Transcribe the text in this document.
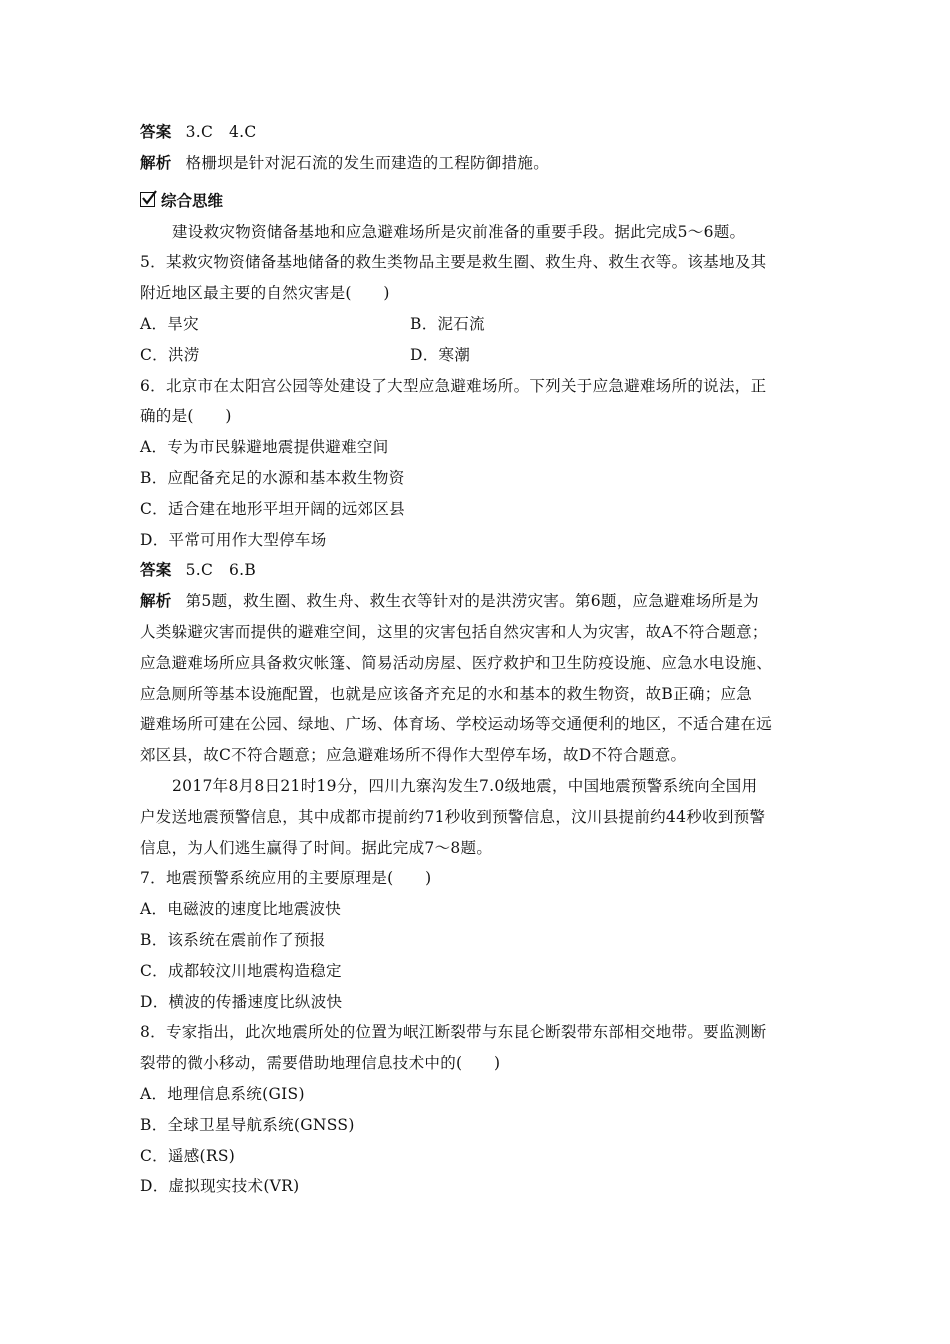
答案 3.C　4.C
解析 格栅坝是针对泥石流的发生而建造的工程防御措施。
综合思维
建设救灾物资储备基地和应急避难场所是灾前准备的重要手段。据此完成5～6题。
5．某救灾物资储备基地储备的救生类物品主要是救生圈、救生舟、救生衣等。该基地及其
附近地区最主要的自然灾害是(　　)
A．旱灾	B．泥石流
C．洪涝	D．寒潮
6．北京市在太阳宫公园等处建设了大型应急避难场所。下列关于应急避难场所的说法，正
确的是(　　)
A．专为市民躲避地震提供避难空间
B．应配备充足的水源和基本救生物资
C．适合建在地形平坦开阔的远郊区县
D．平常可用作大型停车场
答案 5.C　6.B
解析 第5题，救生圈、救生舟、救生衣等针对的是洪涝灾害。第6题，应急避难场所是为
人类躲避灾害而提供的避难空间，这里的灾害包括自然灾害和人为灾害，故A不符合题意；
应急避难场所应具备救灾帐篷、简易活动房屋、医疗救护和卫生防疫设施、应急水电设施、
应急厕所等基本设施配置，也就是应该备齐充足的水和基本的救生物资，故B正确；应急
避难场所可建在公园、绿地、广场、体育场、学校运动场等交通便利的地区，不适合建在远
郊区县，故C不符合题意；应急避难场所不得作大型停车场，故D不符合题意。
2017年8月8日21时19分，四川九寨沟发生7.0级地震，中国地震预警系统向全国用
户发送地震预警信息，其中成都市提前约71秒收到预警信息，汶川县提前约44秒收到预警
信息，为人们逃生赢得了时间。据此完成7～8题。
7．地震预警系统应用的主要原理是(　　)
A．电磁波的速度比地震波快
B．该系统在震前作了预报
C．成都较汶川地震构造稳定
D．横波的传播速度比纵波快
8．专家指出，此次地震所处的位置为岷江断裂带与东昆仑断裂带东部相交地带。要监测断
裂带的微小移动，需要借助地理信息技术中的(　　)
A．地理信息系统(GIS)
B．全球卫星导航系统(GNSS)
C．遥感(RS)
D．虚拟现实技术(VR)
